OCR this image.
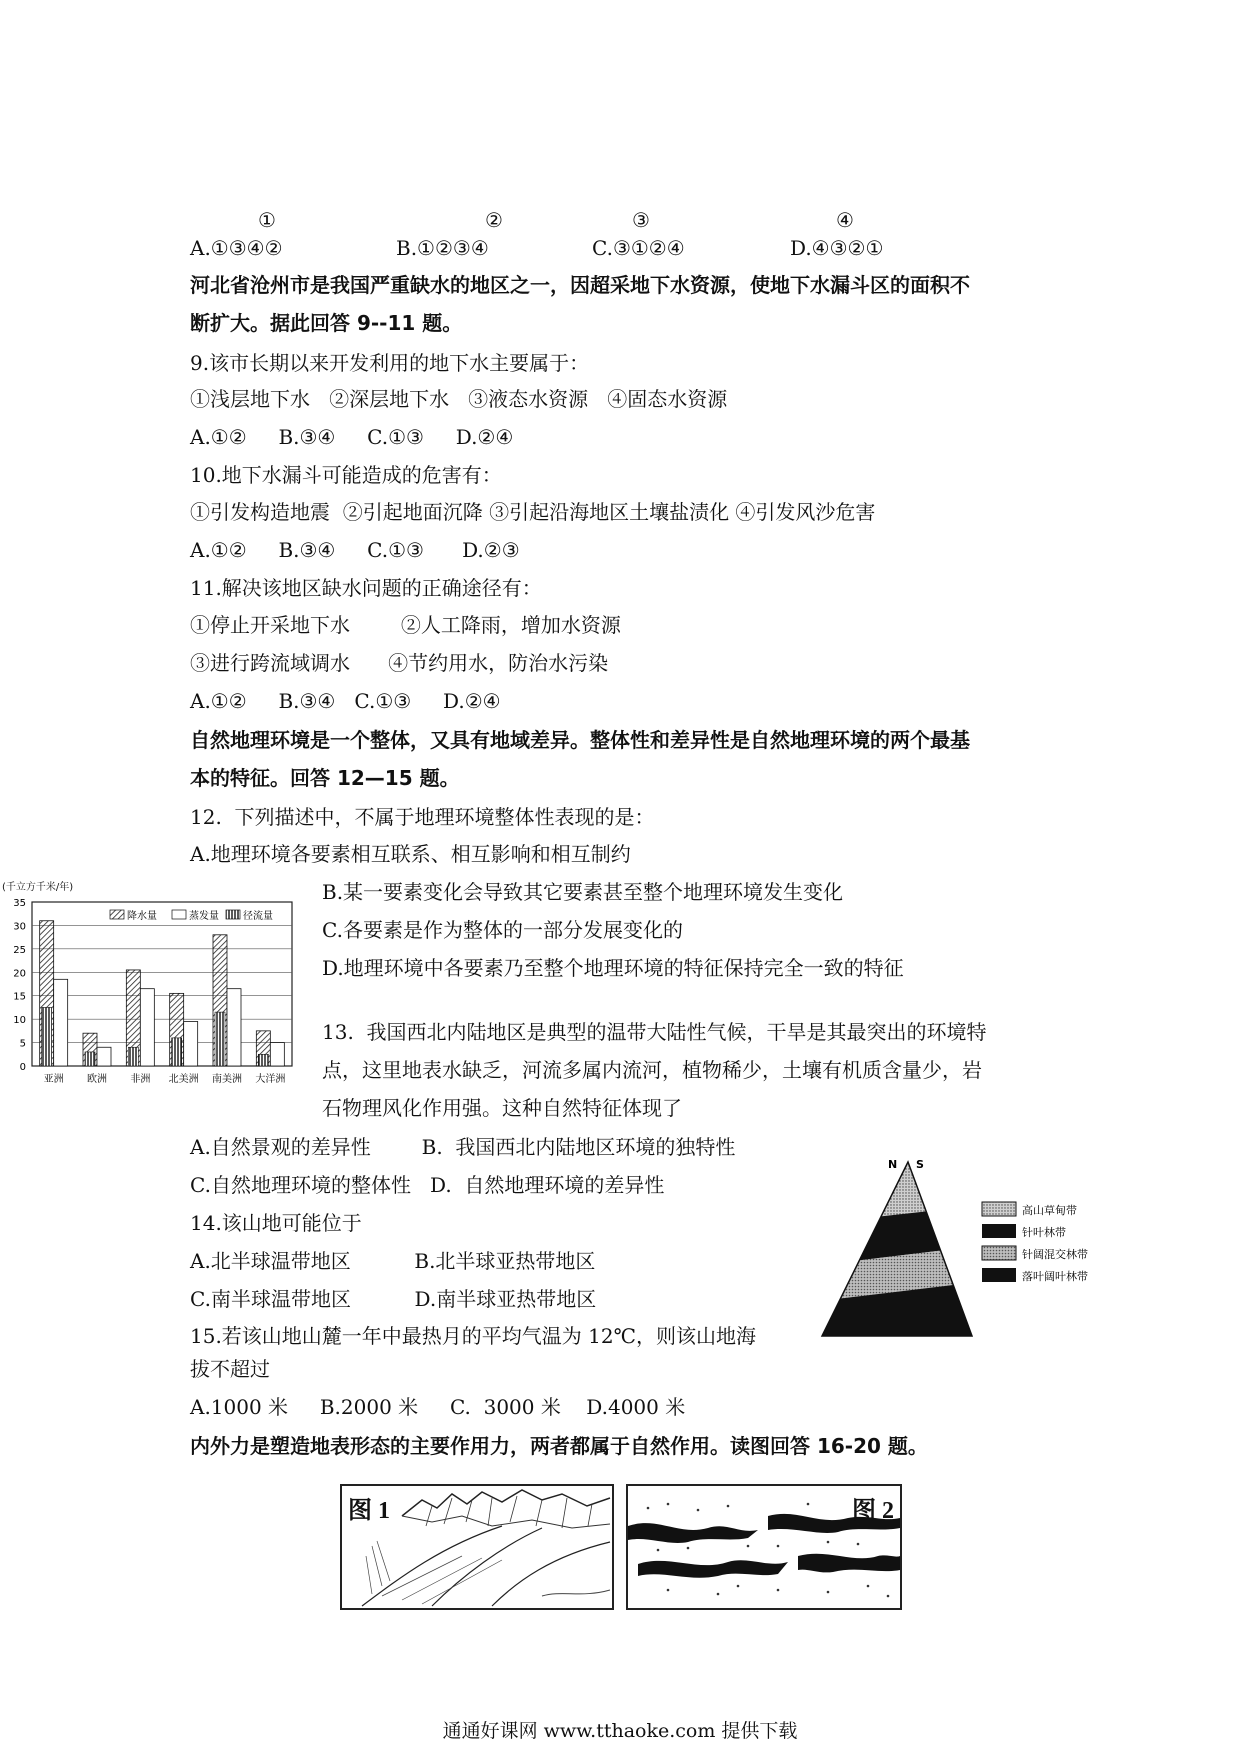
①	②	③	④
A.①③④②	B.①②③④	C.③①②④	D.④③②①
河北省沧州市是我国严重缺水的地区之一，因超采地下水资源，使地下水漏斗区的面积不
断扩大。据此回答 9--11 题。
9.该市长期以来开发利用的地下水主要属于：
①浅层地下水   ②深层地下水   ③液态水资源   ④固态水资源
A.①②     B.③④     C.①③     D.②④
10.地下水漏斗可能造成的危害有：
①引发构造地震  ②引起地面沉降 ③引起沿海地区土壤盐渍化 ④引发风沙危害
A.①②     B.③④     C.①③      D.②③
11.解决该地区缺水问题的正确途径有：
①停止开采地下水        ②人工降雨，增加水资源
③进行跨流域调水      ④节约用水，防治水污染
A.①②     B.③④   C.①③     D.②④
自然地理环境是一个整体，又具有地域差异。整体性和差异性是自然地理环境的两个最基
本的特征。回答 12—15 题。
12.  下列描述中，不属于地理环境整体性表现的是：
A.地理环境各要素相互联系、相互影响和相互制约
B.某一要素变化会导致其它要素甚至整个地理环境发生变化
C.各要素是作为整体的一部分发展变化的
D.地理环境中各要素乃至整个地理环境的特征保持完全一致的特征
(千立方千米/年)
0
5
10
15
20
25
30
35
亚洲 欧洲 非洲 北美洲 南美洲 大洋洲
降水量	蒸发量 径流量
13.  我国西北内陆地区是典型的温带大陆性气候，干旱是其最突出的环境特
点，这里地表水缺乏，河流多属内流河，植物稀少，土壤有机质含量少，岩
石物理风化作用强。这种自然特征体现了
A.自然景观的差异性        B.  我国西北内陆地区环境的独特性
C.自然地理环境的整体性   D.  自然地理环境的差异性
14.该山地可能位于
A.北半球温带地区          B.北半球亚热带地区
C.南半球温带地区          D.南半球亚热带地区
15.若该山地山麓一年中最热月的平均气温为 12℃，则该山地海
拔不超过
A.1000 米     B.2000 米     C.  3000 米    D.4000 米
内外力是塑造地表形态的主要作用力，两者都属于自然作用。读图回答 16-20 题。
N S
高山草甸带
针叶林带
针阔混交林带
落叶阔叶林带
图 1	图 2
通通好课网 www.tthaoke.com 提供下载
